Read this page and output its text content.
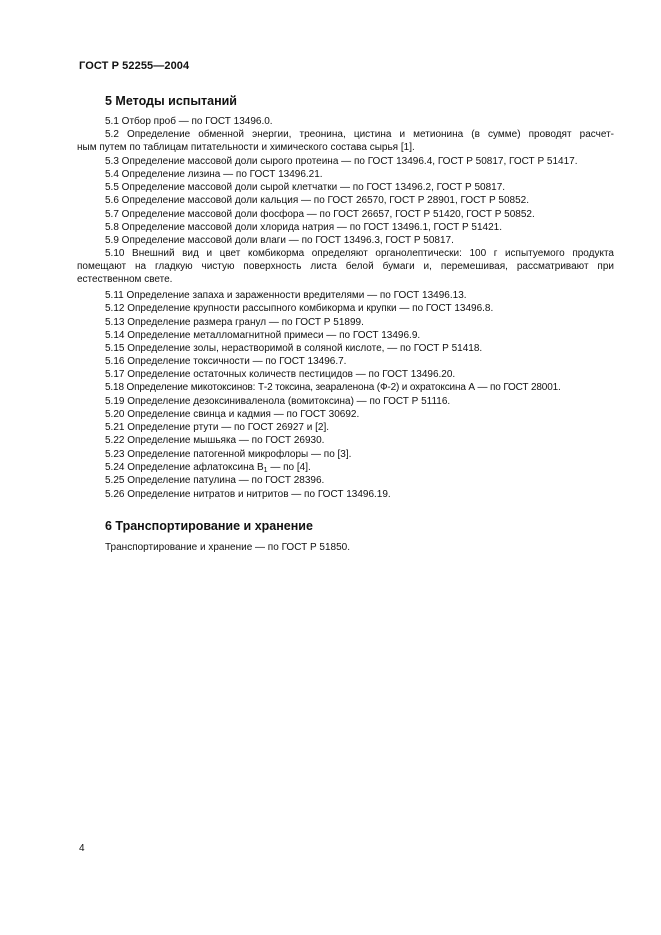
ГОСТ Р 52255—2004
5 Методы испытаний
5.1 Отбор проб — по ГОСТ 13496.0.
5.2 Определение обменной энергии, треонина, цистина и метионина (в сумме) проводят расчет-
ным путем по таблицам питательности и химического состава сырья [1].
5.3 Определение массовой доли сырого протеина — по ГОСТ 13496.4, ГОСТ Р 50817, ГОСТ Р 51417.
5.4 Определение лизина — по ГОСТ 13496.21.
5.5 Определение массовой доли сырой клетчатки — по ГОСТ 13496.2, ГОСТ Р 50817.
5.6 Определение массовой доли кальция — по ГОСТ 26570, ГОСТ Р 28901, ГОСТ Р 50852.
5.7 Определение массовой доли фосфора — по ГОСТ 26657, ГОСТ Р 51420, ГОСТ Р 50852.
5.8 Определение массовой доли хлорида натрия — по ГОСТ 13496.1, ГОСТ Р 51421.
5.9 Определение массовой доли влаги — по ГОСТ 13496.3, ГОСТ Р 50817.
5.10 Внешний вид и цвет комбикорма определяют органолептически: 100 г испытуемого продукта
помещают на гладкую чистую поверхность листа белой бумаги и, перемешивая, рассматривают при
естественном свете.
5.11 Определение запаха и зараженности вредителями — по ГОСТ 13496.13.
5.12 Определение крупности рассыпного комбикорма и крупки — по ГОСТ 13496.8.
5.13 Определение размера гранул — по ГОСТ Р 51899.
5.14 Определение металломагнитной примеси — по ГОСТ 13496.9.
5.15 Определение золы, нерастворимой в соляной кислоте, — по ГОСТ Р 51418.
5.16 Определение токсичности — по ГОСТ 13496.7.
5.17 Определение остаточных количеств пестицидов — по ГОСТ 13496.20.
5.18 Определение микотоксинов: Т-2 токсина, зеараленона (Ф-2) и охратоксина А — по ГОСТ 28001.
5.19 Определение дезоксиниваленола (вомитоксина) — по ГОСТ Р 51116.
5.20 Определение свинца и кадмия — по ГОСТ 30692.
5.21 Определение ртути — по ГОСТ 26927 и [2].
5.22 Определение мышьяка — по ГОСТ 26930.
5.23 Определение патогенной микрофлоры — по [3].
5.24 Определение афлатоксина $В_1$ — по [4].
5.25 Определение патулина — по ГОСТ 28396.
5.26 Определение нитратов и нитритов — по ГОСТ 13496.19.
6 Транспортирование и хранение
Транспортирование и хранение — по ГОСТ Р 51850.
4
